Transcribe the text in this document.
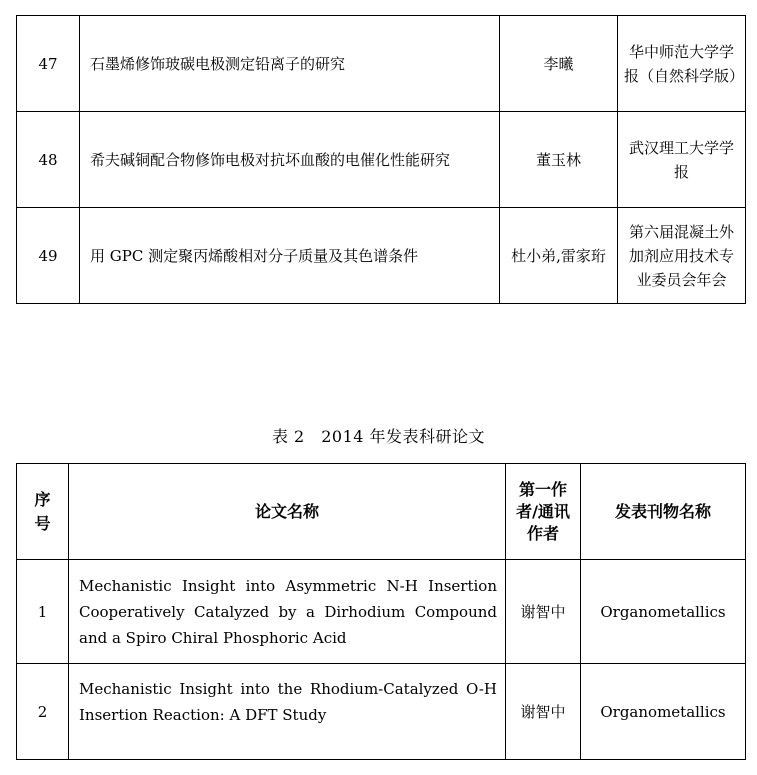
47	石墨烯修饰玻碳电极测定铅离子的研究	李曦	华中师范大学学报（自然科学版）
48	希夫碱铜配合物修饰电极对抗坏血酸的电催化性能研究	董玉林	武汉理工大学学报
49	用 GPC 测定聚丙烯酸相对分子质量及其色谱条件	杜小弟,雷家珩	第六届混凝土外加剂应用技术专业委员会年会
表 2　2014 年发表科研论文
序号	论文名称	第一作者/通讯作者	发表刊物名称
1	Mechanistic Insight into Asymmetric N-H Insertion Cooperatively Catalyzed by a Dirhodium Compound and a Spiro Chiral Phosphoric Acid	谢智中	Organometallics
2	Mechanistic Insight into the Rhodium-Catalyzed O-H Insertion Reaction: A DFT Study	谢智中	Organometallics
